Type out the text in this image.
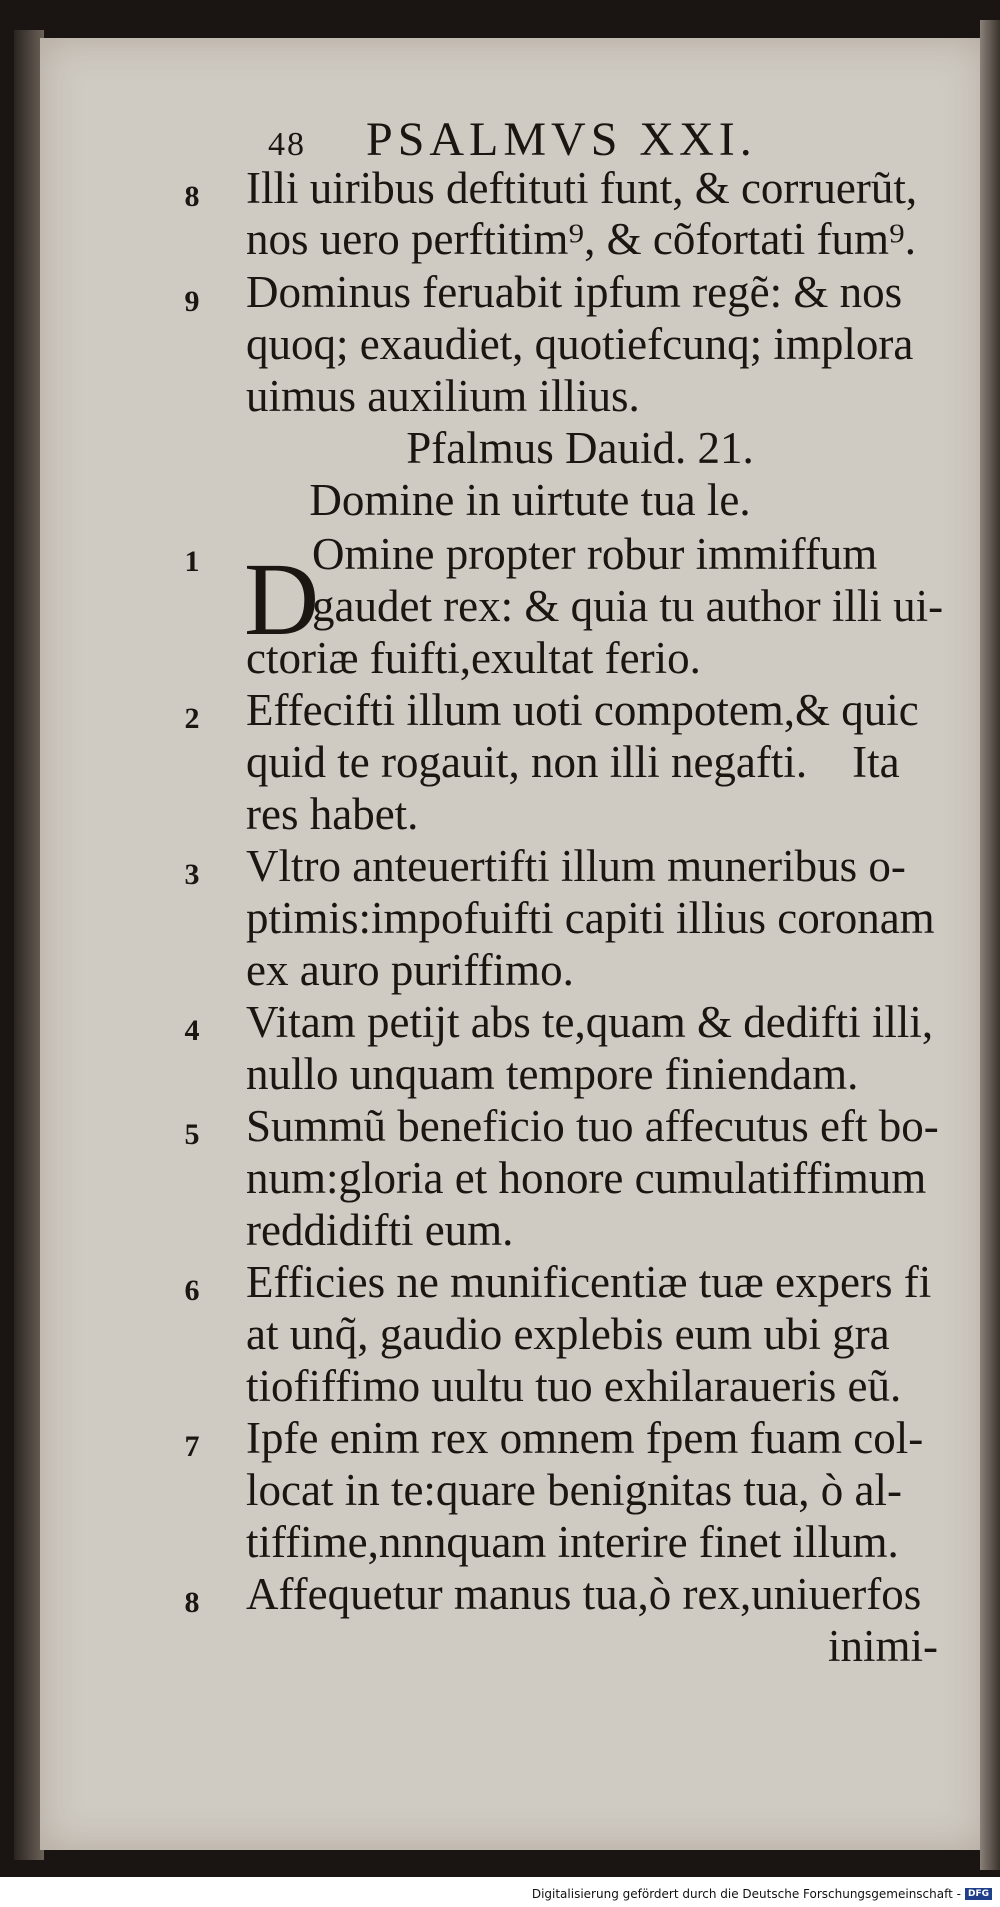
48 PSALMVS XXI.
8 Illi uiribus deftituti funt, & corruerũt,
nos uero perftitim⁹, & cõfortati fum⁹.
9 Dominus feruabit ipfum regẽ: & nos
quoq; exaudiet, quotiefcunq; implora
uimus auxilium illius.
Pfalmus Dauid. 21.
Domine in uirtute tua le.
1 D
Omine propter robur immiffum
gaudet rex: & quia tu author illi ui-
ctoriæ fuifti,exultat ferio.
2 Effecifti illum uoti compotem,& quic
quid te rogauit, non illi negafti.    Ita
res habet.
3 Vltro anteuertifti illum muneribus o-
ptimis:impofuifti capiti illius coronam
ex auro puriffimo.
4 Vitam petijt abs te,quam & dedifti illi,
nullo unquam tempore finiendam.
5 Summũ beneficio tuo affecutus eft bo-
num:gloria et honore cumulatiffimum
reddidifti eum.
6 Efficies ne munificentiæ tuæ expers fi
at unq̃, gaudio explebis eum ubi gra
tiofiffimo uultu tuo exhilarauеris eũ.
7 Ipfe enim rex omnem fpem fuam col-
locat in te:quare benignitas tua, ò al-
tiffime,nnnquam interire finet illum.
8 Affequetur manus tua,ò rex,uniuerfos
inimi-
Digitalisierung gefördert durch die Deutsche Forschungsgemeinschaft - DFG
